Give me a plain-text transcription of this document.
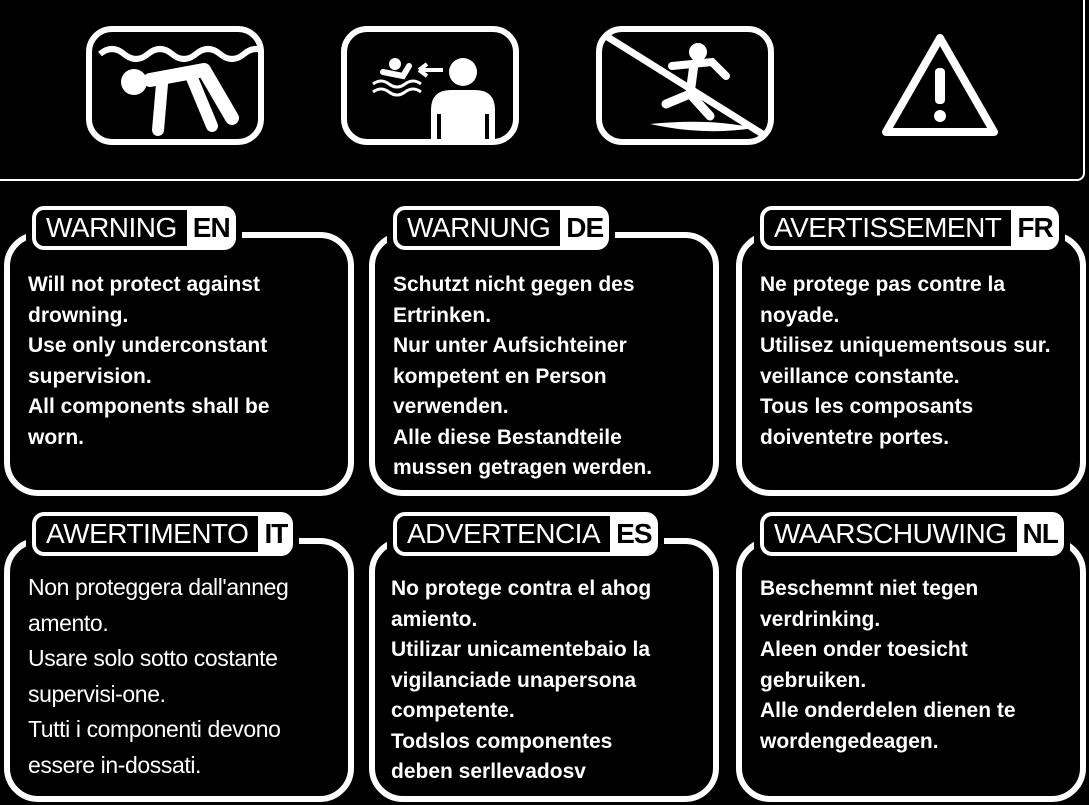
WARNING EN
Will not protect against
drowning.
Use only underconstant
supervision.
All components shall be
worn.
WARNUNG DE
Schutzt nicht gegen des
Ertrinken.
Nur unter Aufsichteiner
kompetent en Person
verwenden.
Alle diese Bestandteile
mussen getragen werden.
AVERTISSEMENT FR
Ne protege pas contre la
noyade.
Utilisez uniquementsous sur.
veillance constante.
Tous les composants
doiventetre portes.
AWERTIMENTO IT
Non proteggera dall'anneg
amento.
Usare solo sotto costante
supervisi-one.
Tutti i componenti devono
essere in-dossati.
ADVERTENCIA ES
No protege contra el ahog
amiento.
Utilizar unicamentebaio la
vigilanciade unapersona
competente.
Todslos componentes
deben serllevadosv
WAARSCHUWING NL
Beschemnt niet tegen
verdrinking.
Aleen onder toesicht
gebruiken.
Alle onderdelen dienen te
wordengedeagen.
